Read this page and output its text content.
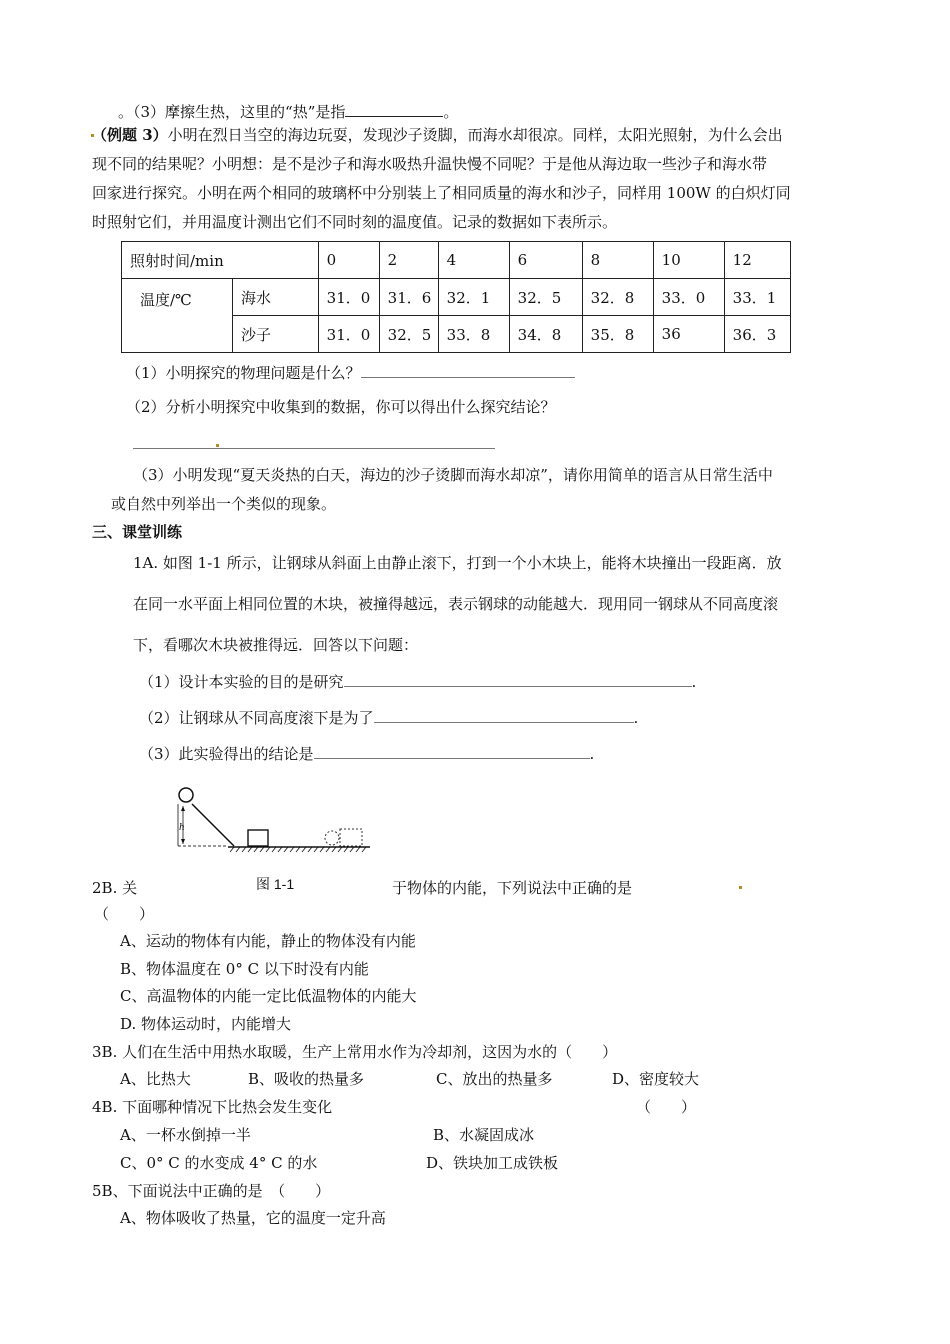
。（3）摩擦生热，这里的“热”是指	。
（例题 3）小明在烈日当空的海边玩耍，发现沙子烫脚，而海水却很凉。同样，太阳光照射，为什么会出
现不同的结果呢？小明想：是不是沙子和海水吸热升温快慢不同呢？于是他从海边取一些沙子和海水带
回家进行探究。小明在两个相同的玻璃杯中分别装上了相同质量的海水和沙子，同样用 100W 的白炽灯同
时照射它们，并用温度计测出它们不同时刻的温度值。记录的数据如下表所示。
照射时间/min		0	2	4	6	8	10	12
温度/℃	海水	31．0	31．6	32．1	32．5	32．8	33．0	33．1
	沙子	31．0	32．5	33．8	34．8	35．8	36	36．3
（1）小明探究的物理问题是什么？
（2）分析小明探究中收集到的数据，你可以得出什么探究结论？
（3）小明发现“夏天炎热的白天，海边的沙子烫脚而海水却凉”，请你用简单的语言从日常生活中
或自然中列举出一个类似的现象。
三、课堂训练
1A. 如图 1-1 所示，让钢球从斜面上由静止滚下，打到一个小木块上，能将木块撞出一段距离．放
在同一水平面上相同位置的木块，被撞得越远，表示钢球的动能越大．现用同一钢球从不同高度滚
下，看哪次木块被推得远．回答以下问题：
（1）设计本实验的目的是研究	.
（2）让钢球从不同高度滚下是为了	.
（3）此实验得出的结论是	.
h
2B. 关	图 1-1	于物体的内能，下列说法中正确的是
（　　）
A、运动的物体有内能，静止的物体没有内能
B、物体温度在 0° C 以下时没有内能
C、高温物体的内能一定比低温物体的内能大
D. 物体运动时，内能增大
3B. 人们在生活中用热水取暖，生产上常用水作为冷却剂，这因为水的（　　）
A、比热大	B、吸收的热量多	C、放出的热量多	D、密度较大
4B. 下面哪种情况下比热会发生变化	（　　）
A、一杯水倒掉一半	B、水凝固成冰
C、0° C 的水变成 4° C 的水	D、铁块加工成铁板
5B、下面说法中正确的是　（　　）
A、物体吸收了热量，它的温度一定升高
